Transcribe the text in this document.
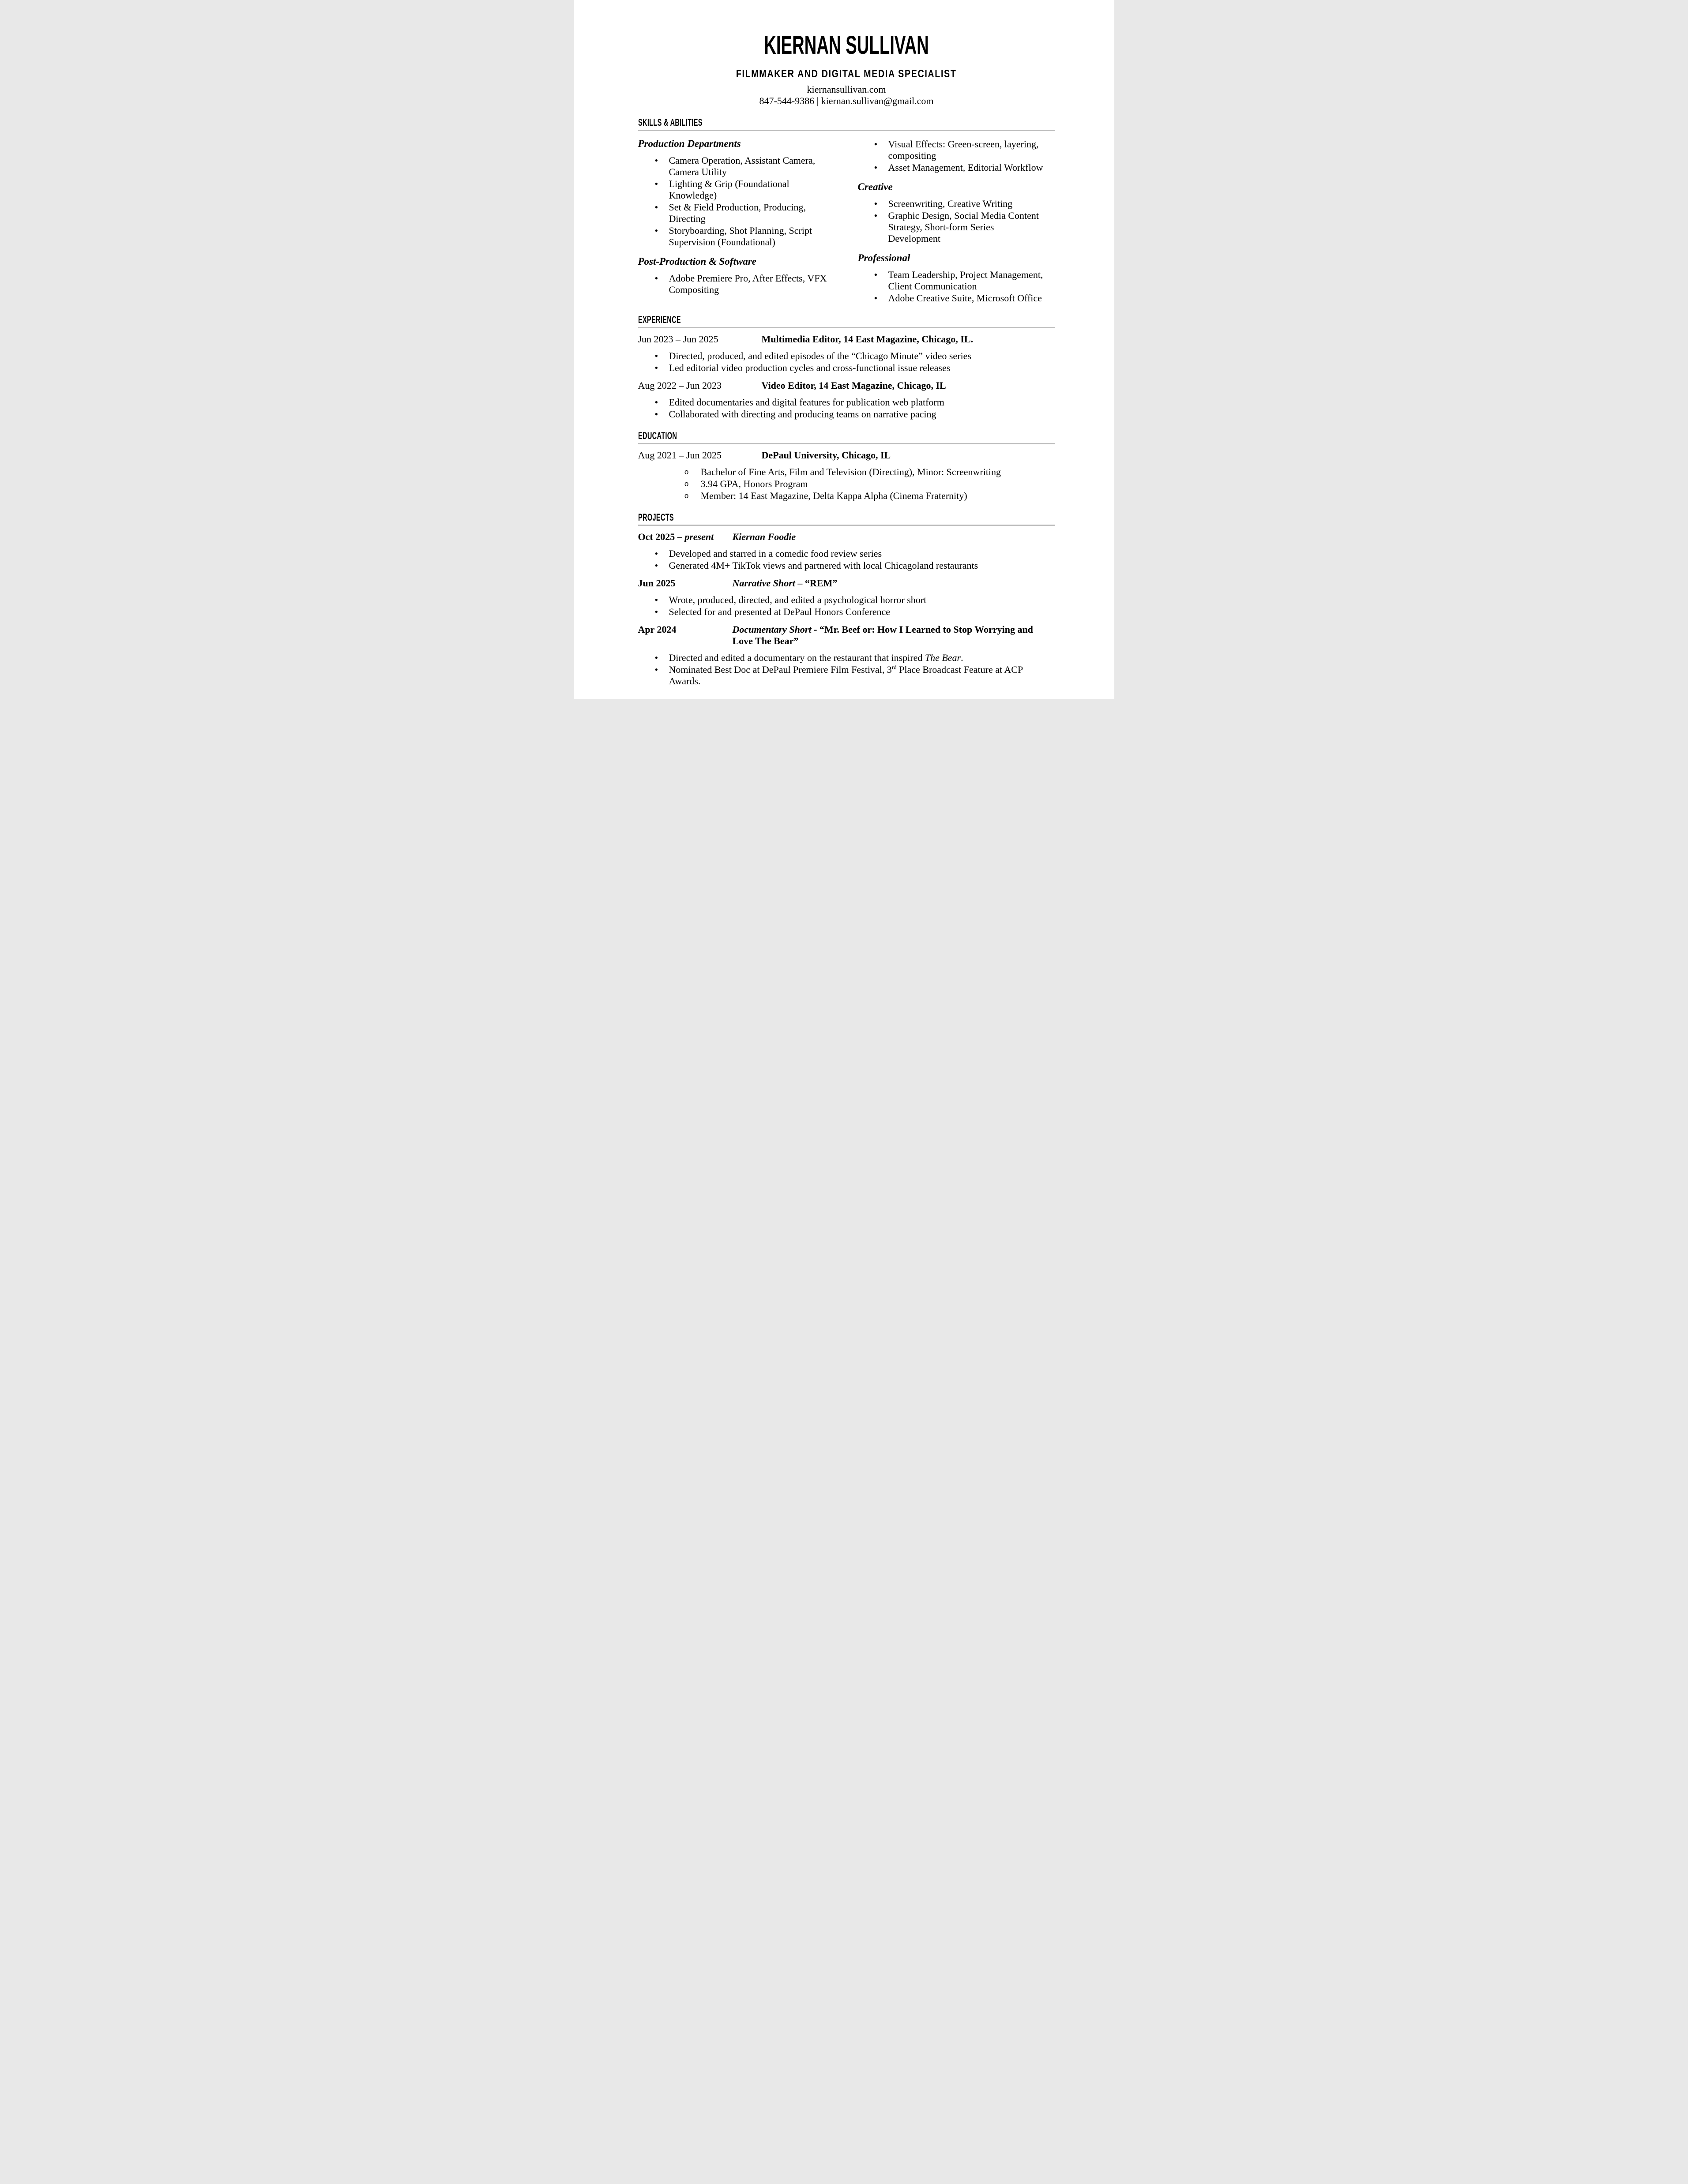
KIERNAN SULLIVAN
FILMMAKER AND DIGITAL MEDIA SPECIALIST
kiernansullivan.com
847-544-9386 | kiernan.sullivan@gmail.com
SKILLS & ABILITIES
Production Departments
• Camera Operation, Assistant Camera, Camera Utility
• Lighting & Grip (Foundational Knowledge)
• Set & Field Production, Producing, Directing
• Storyboarding, Shot Planning, Script Supervision (Foundational)
Post-Production & Software
• Adobe Premiere Pro, After Effects, VFX Compositing
• Visual Effects: Green-screen, layering, compositing
• Asset Management, Editorial Workflow
Creative
• Screenwriting, Creative Writing
• Graphic Design, Social Media Content Strategy, Short-form Series Development
Professional
• Team Leadership, Project Management, Client Communication
• Adobe Creative Suite, Microsoft Office
EXPERIENCE
Jun 2023 – Jun 2025	Multimedia Editor, 14 East Magazine, Chicago, IL.
• Directed, produced, and edited episodes of the “Chicago Minute” video series
• Led editorial video production cycles and cross-functional issue releases
Aug 2022 – Jun 2023	Video Editor, 14 East Magazine, Chicago, IL
• Edited documentaries and digital features for publication web platform
• Collaborated with directing and producing teams on narrative pacing
EDUCATION
Aug 2021 – Jun 2025	DePaul University, Chicago, IL
o Bachelor of Fine Arts, Film and Television (Directing), Minor: Screenwriting
o 3.94 GPA, Honors Program
o Member: 14 East Magazine, Delta Kappa Alpha (Cinema Fraternity)
PROJECTS
Oct 2025 – present	Kiernan Foodie
• Developed and starred in a comedic food review series
• Generated 4M+ TikTok views and partnered with local Chicagoland restaurants
Jun 2025	Narrative Short – “REM”
• Wrote, produced, directed, and edited a psychological horror short
• Selected for and presented at DePaul Honors Conference
Apr 2024	Documentary Short - “Mr. Beef or: How I Learned to Stop Worrying and Love The Bear”
• Directed and edited a documentary on the restaurant that inspired The Bear.
• Nominated Best Doc at DePaul Premiere Film Festival, 3rd Place Broadcast Feature at ACP Awards.
